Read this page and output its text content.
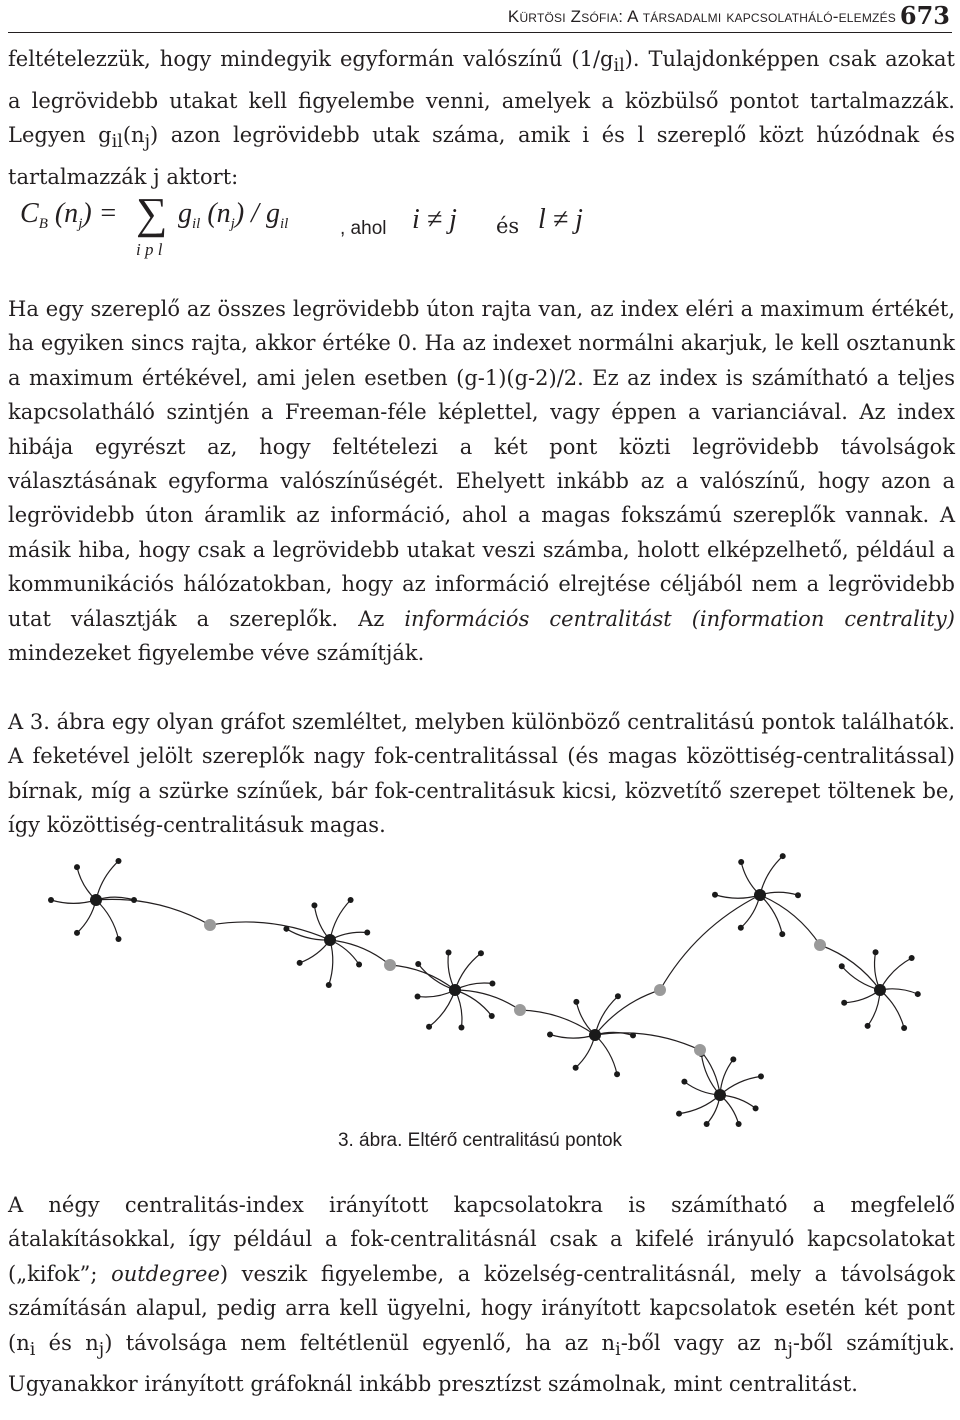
Kürtösi Zsófia: A társadalmi kapcsolatháló-elemzés 673

feltételezzük, hogy mindegyik egyformán valószínű $(1/g_{il})$. Tulajdonképpen csak azokat a legrövidebb utakat kell figyelembe venni, amelyek a közbülső pontot tartalmazzák. Legyen $g_{il}(n_j)$ azon legrövidebb utak száma, amik i és l szereplő közt húzódnak és tartalmazzák j aktort:

$C_B$ $(n_j)$ = ∑
i p l
$g_{il}$ $(n_j) / g_{il}$	, ahol i ≠ j és l ≠ j

Ha egy szereplő az összes legrövidebb úton rajta van, az index eléri a maximum értékét, ha egyiken sincs rajta, akkor értéke 0. Ha az indexet normálni akarjuk, le kell osztanunk a maximum értékével, ami jelen esetben (g-1)(g-2)/2. Ez az index is számítható a teljes kapcsolatháló szintjén a Freeman-féle képlettel, vagy éppen a varianciával. Az index hibája egyrészt az, hogy feltételezi a két pont közti legrövidebb távolságok választásának egyforma valószínűségét. Ehelyett inkább az a valószínű, hogy azon a legrövidebb úton áramlik az információ, ahol a magas fokszámú szereplők vannak. A másik hiba, hogy csak a legrövidebb utakat veszi számba, holott elképzelhető, például a kommunikációs hálózatokban, hogy az információ elrejtése céljából nem a legrövidebb utat választják a szereplők. Az információs centralitást (information centrality) mindezeket figyelembe véve számítják.

A 3. ábra egy olyan gráfot szemléltet, melyben különböző centralitású pontok találhatók. A feketével jelölt szereplők nagy fok-centralitással (és magas közöttiség-centralitással) bírnak, míg a szürke színűek, bár fok-centralitásuk kicsi, közvetítő szerepet töltenek be, így közöttiség-centralitásuk magas.

3. ábra. Eltérő centralitású pontok

A négy centralitás-index irányított kapcsolatokra is számítható a megfelelő átalakításokkal, így például a fok-centralitásnál csak a kifelé irányuló kapcsolatokat („kifok”; outdegree) veszik figyelembe, a közelség-centralitásnál, mely a távolságok számításán alapul, pedig arra kell ügyelni, hogy irányított kapcsolatok esetén két pont ($n_i$ és $n_j$) távolsága nem feltétlenül egyenlő, ha az $n_i$-ből vagy az $n_j$-ből számítjuk. Ugyanakkor irányított gráfoknál inkább presztízst számolnak, mint centralitást.
